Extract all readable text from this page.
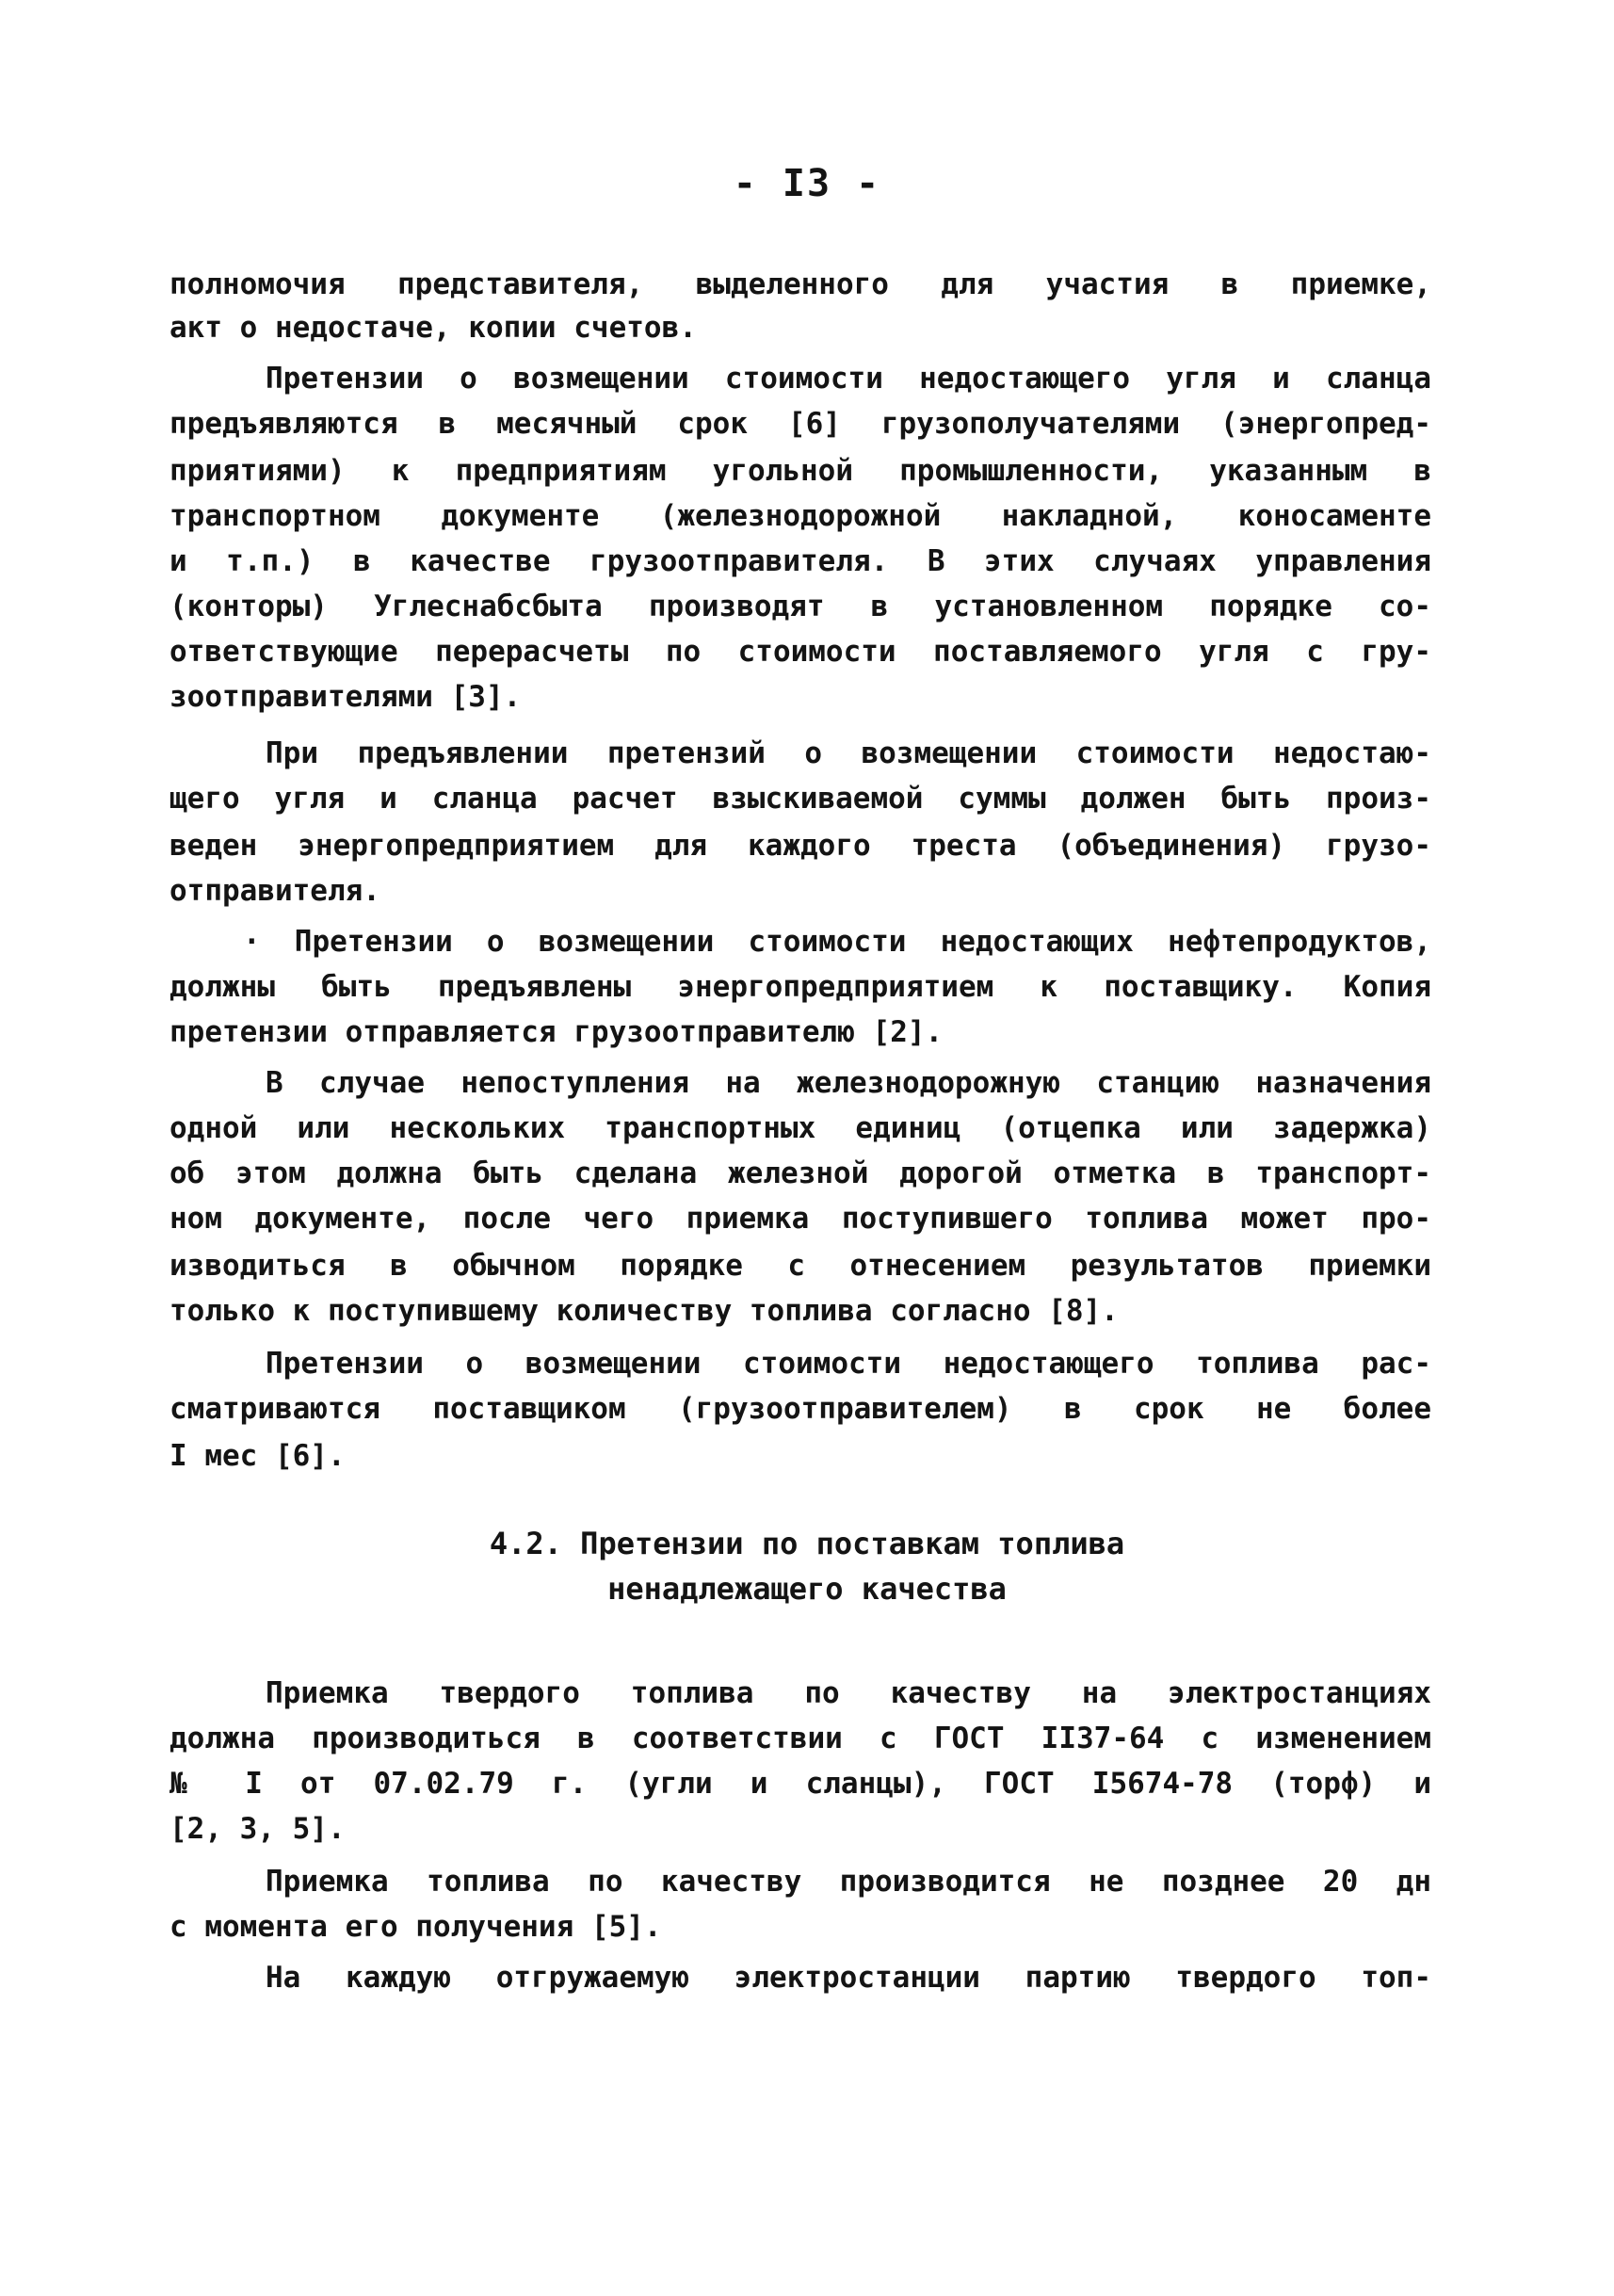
- I3 -
полномочия представителя, выделенного для участия в приемке,
акт о недостаче, копии счетов.
Претензии о возмещении стоимости недостающего угля и сланца
предъявляются в месячный срок [6] грузополучателями (энергопред-
приятиями) к предприятиям угольной промышленности, указанным в
транспортном документе (железнодорожной накладной, коносаменте
и т.п.) в качестве грузоотправителя. В этих случаях управления
(конторы) Углеснабсбыта производят в установленном порядке со-
ответствующие перерасчеты по стоимости поставляемого угля с гру-
зоотправителями [3].
При предъявлении претензий о возмещении стоимости недостаю-
щего угля и сланца расчет взыскиваемой суммы должен быть произ-
веден энергопредприятием для каждого треста (объединения) грузо-
отправителя.
· Претензии о возмещении стоимости недостающих нефтепродуктов,
должны быть предъявлены энергопредприятием к поставщику. Копия
претензии отправляется грузоотправителю [2].
В случае непоступления на железнодорожную станцию назначения
одной или нескольких транспортных единиц (отцепка или задержка)
об этом должна быть сделана железной дорогой отметка в транспорт-
ном документе, после чего приемка поступившего топлива может про-
изводиться в обычном порядке с отнесением результатов приемки
только к поступившему количеству топлива согласно [8].
Претензии о возмещении стоимости недостающего топлива рас-
сматриваются поставщиком (грузоотправителем) в срок не более
I мес [6].
4.2. Претензии по поставкам топлива
ненадлежащего качества
Приемка твердого топлива по качеству на электростанциях
должна производиться в соответствии с ГОСТ II37-64 с изменением
№ I от 07.02.79 г. (угли и сланцы), ГОСТ I5674-78 (торф) и
[2, 3, 5].
Приемка топлива по качеству производится не позднее 20 дн
с момента его получения [5].
На каждую отгружаемую электростанции партию твердого топ-
